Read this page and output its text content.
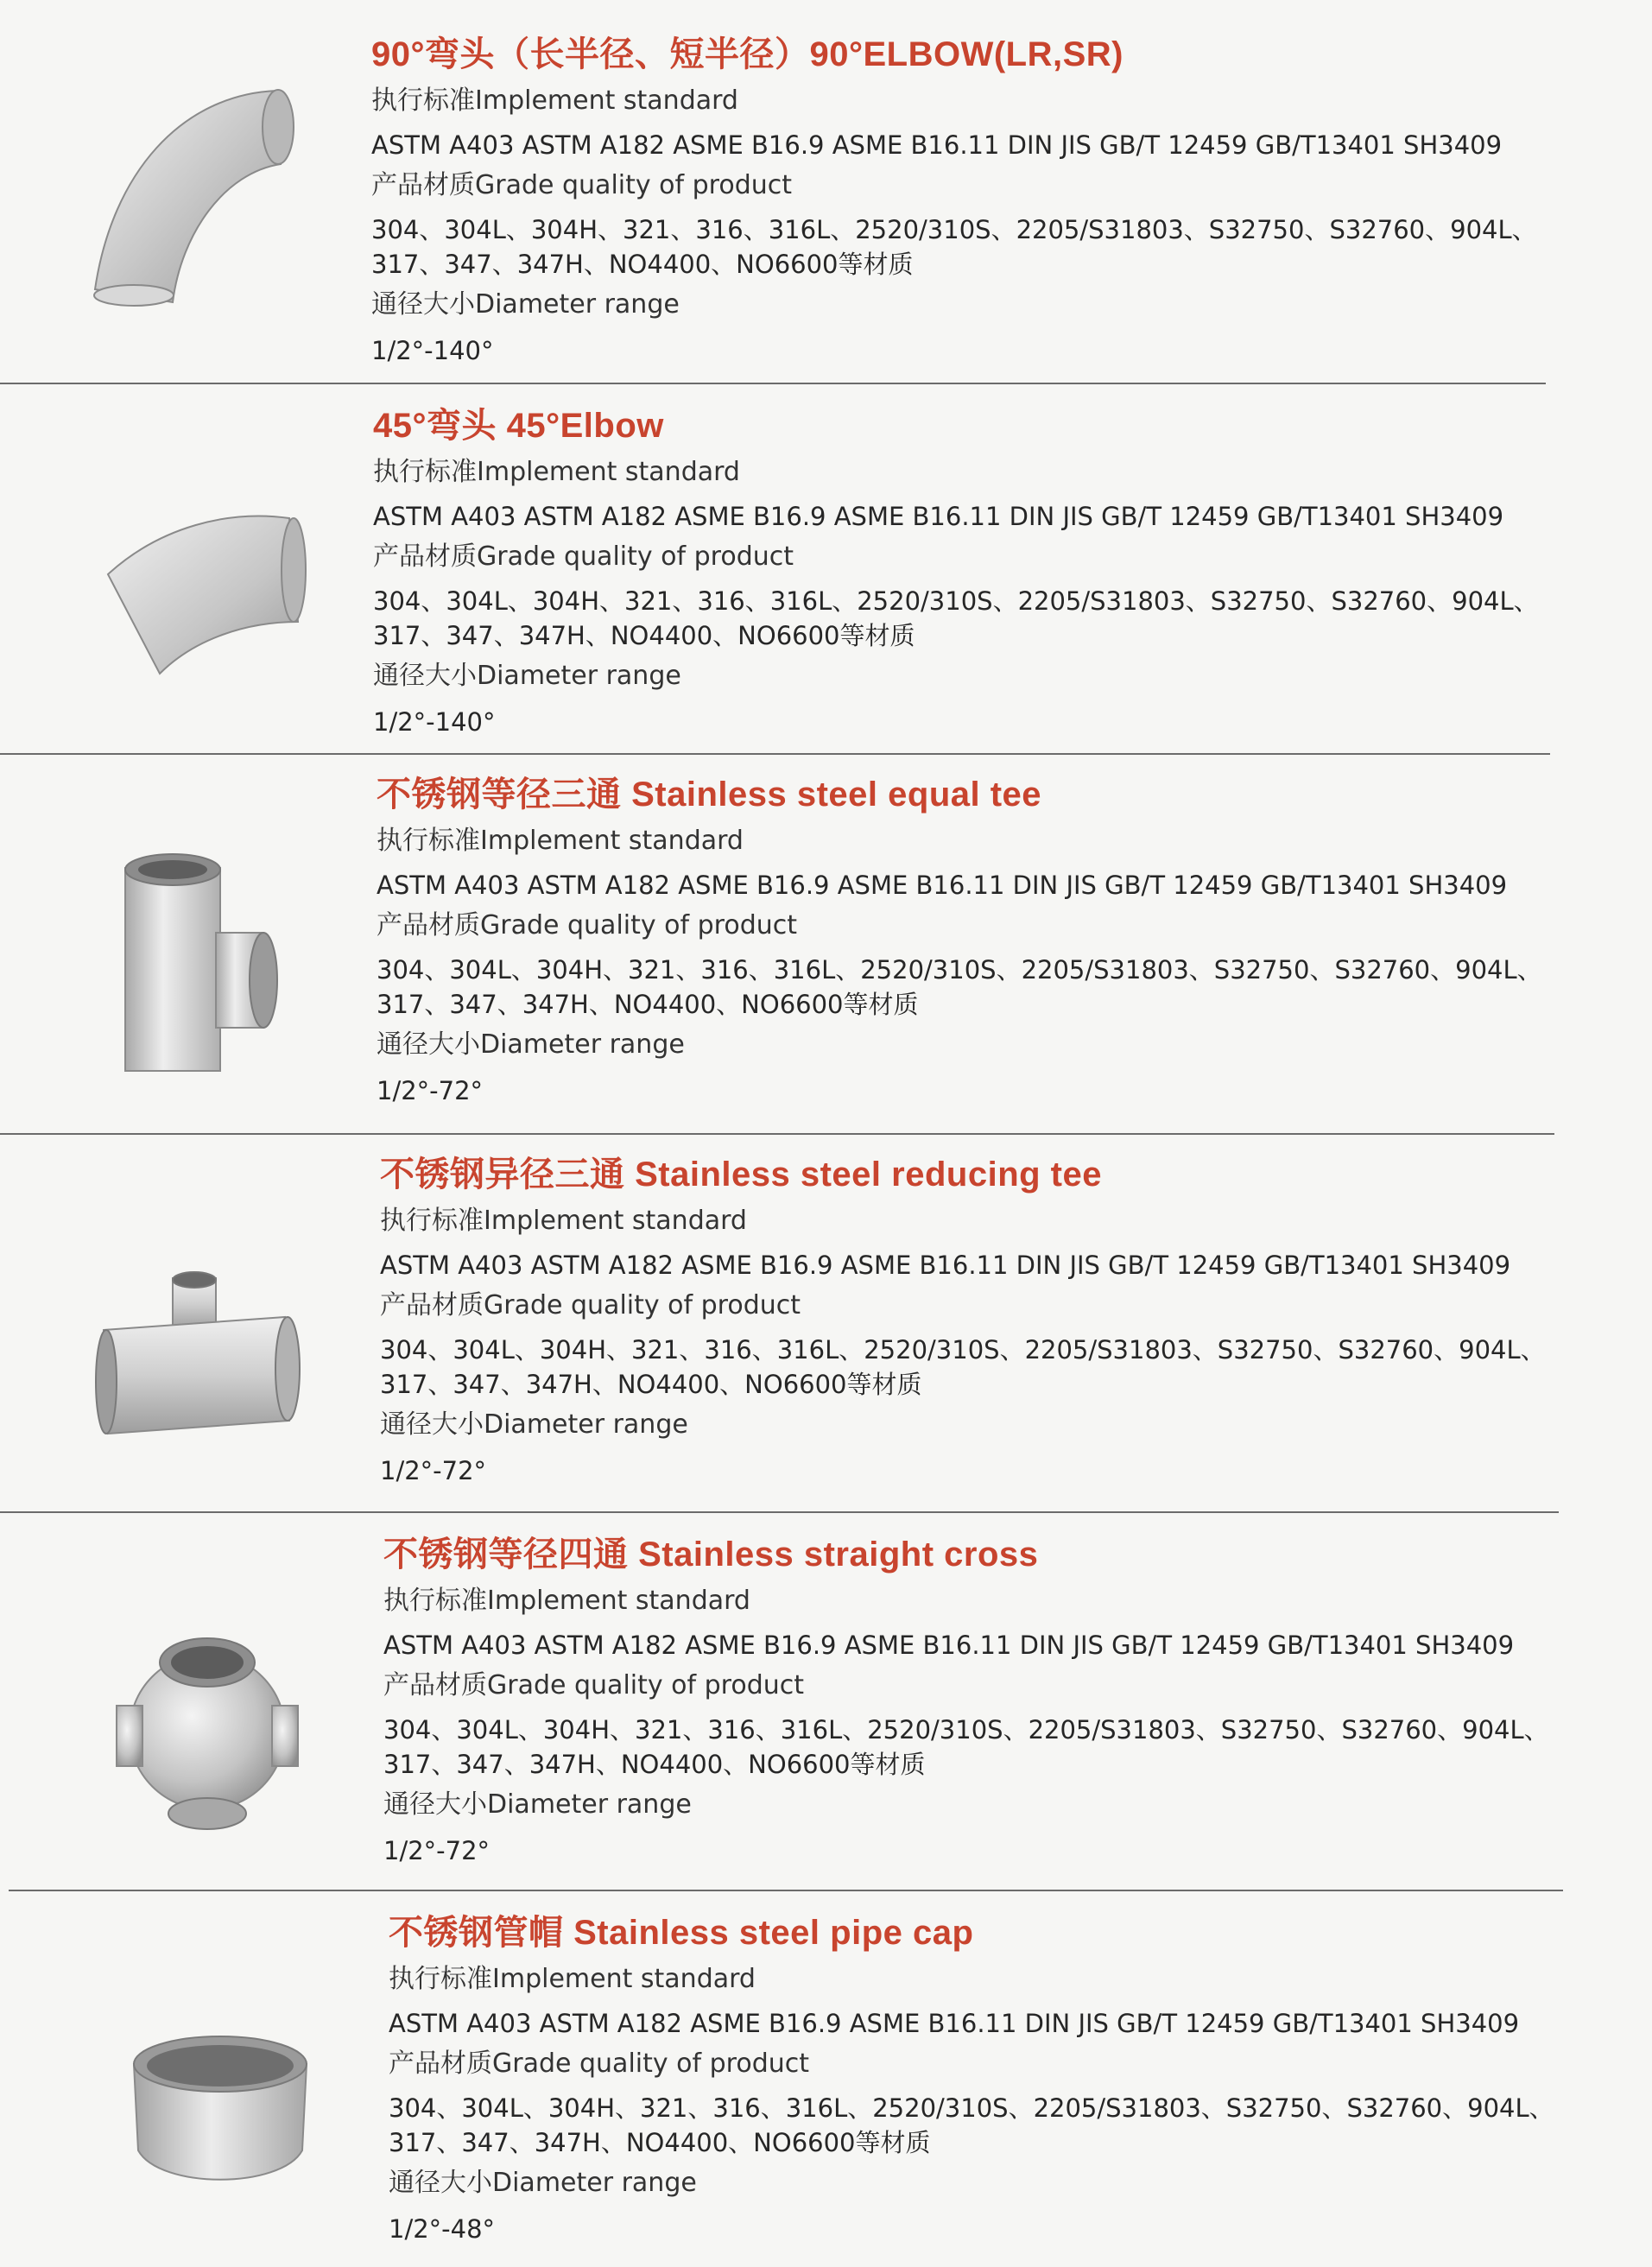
90°弯头（长半径、短半径）90°ELBOW(LR,SR)
执行标准Implement standard
ASTM A403 ASTM A182 ASME B16.9 ASME B16.11 DIN JIS GB/T 12459 GB/T13401 SH3409
产品材质Grade quality of product
304、304L、304H、321、316、316L、2520/310S、2205/S31803、S32750、S32760、904L、
317、347、347H、NO4400、NO6600等材质
通径大小Diameter range
1/2°-140°
45°弯头 45°Elbow
执行标准Implement standard
ASTM A403 ASTM A182 ASME B16.9 ASME B16.11 DIN JIS GB/T 12459 GB/T13401 SH3409
产品材质Grade quality of product
304、304L、304H、321、316、316L、2520/310S、2205/S31803、S32750、S32760、904L、
317、347、347H、NO4400、NO6600等材质
通径大小Diameter range
1/2°-140°
不锈钢等径三通 Stainless steel equal tee
执行标准Implement standard
ASTM A403 ASTM A182 ASME B16.9 ASME B16.11 DIN JIS GB/T 12459 GB/T13401 SH3409
产品材质Grade quality of product
304、304L、304H、321、316、316L、2520/310S、2205/S31803、S32750、S32760、904L、
317、347、347H、NO4400、NO6600等材质
通径大小Diameter range
1/2°-72°
不锈钢异径三通 Stainless steel reducing tee
执行标准Implement standard
ASTM A403 ASTM A182 ASME B16.9 ASME B16.11 DIN JIS GB/T 12459 GB/T13401 SH3409
产品材质Grade quality of product
304、304L、304H、321、316、316L、2520/310S、2205/S31803、S32750、S32760、904L、
317、347、347H、NO4400、NO6600等材质
通径大小Diameter range
1/2°-72°
不锈钢等径四通 Stainless straight cross
执行标准Implement standard
ASTM A403 ASTM A182 ASME B16.9 ASME B16.11 DIN JIS GB/T 12459 GB/T13401 SH3409
产品材质Grade quality of product
304、304L、304H、321、316、316L、2520/310S、2205/S31803、S32750、S32760、904L、
317、347、347H、NO4400、NO6600等材质
通径大小Diameter range
1/2°-72°
不锈钢管帽 Stainless steel pipe cap
执行标准Implement standard
ASTM A403 ASTM A182 ASME B16.9 ASME B16.11 DIN JIS GB/T 12459 GB/T13401 SH3409
产品材质Grade quality of product
304、304L、304H、321、316、316L、2520/310S、2205/S31803、S32750、S32760、904L、
317、347、347H、NO4400、NO6600等材质
通径大小Diameter range
1/2°-48°
